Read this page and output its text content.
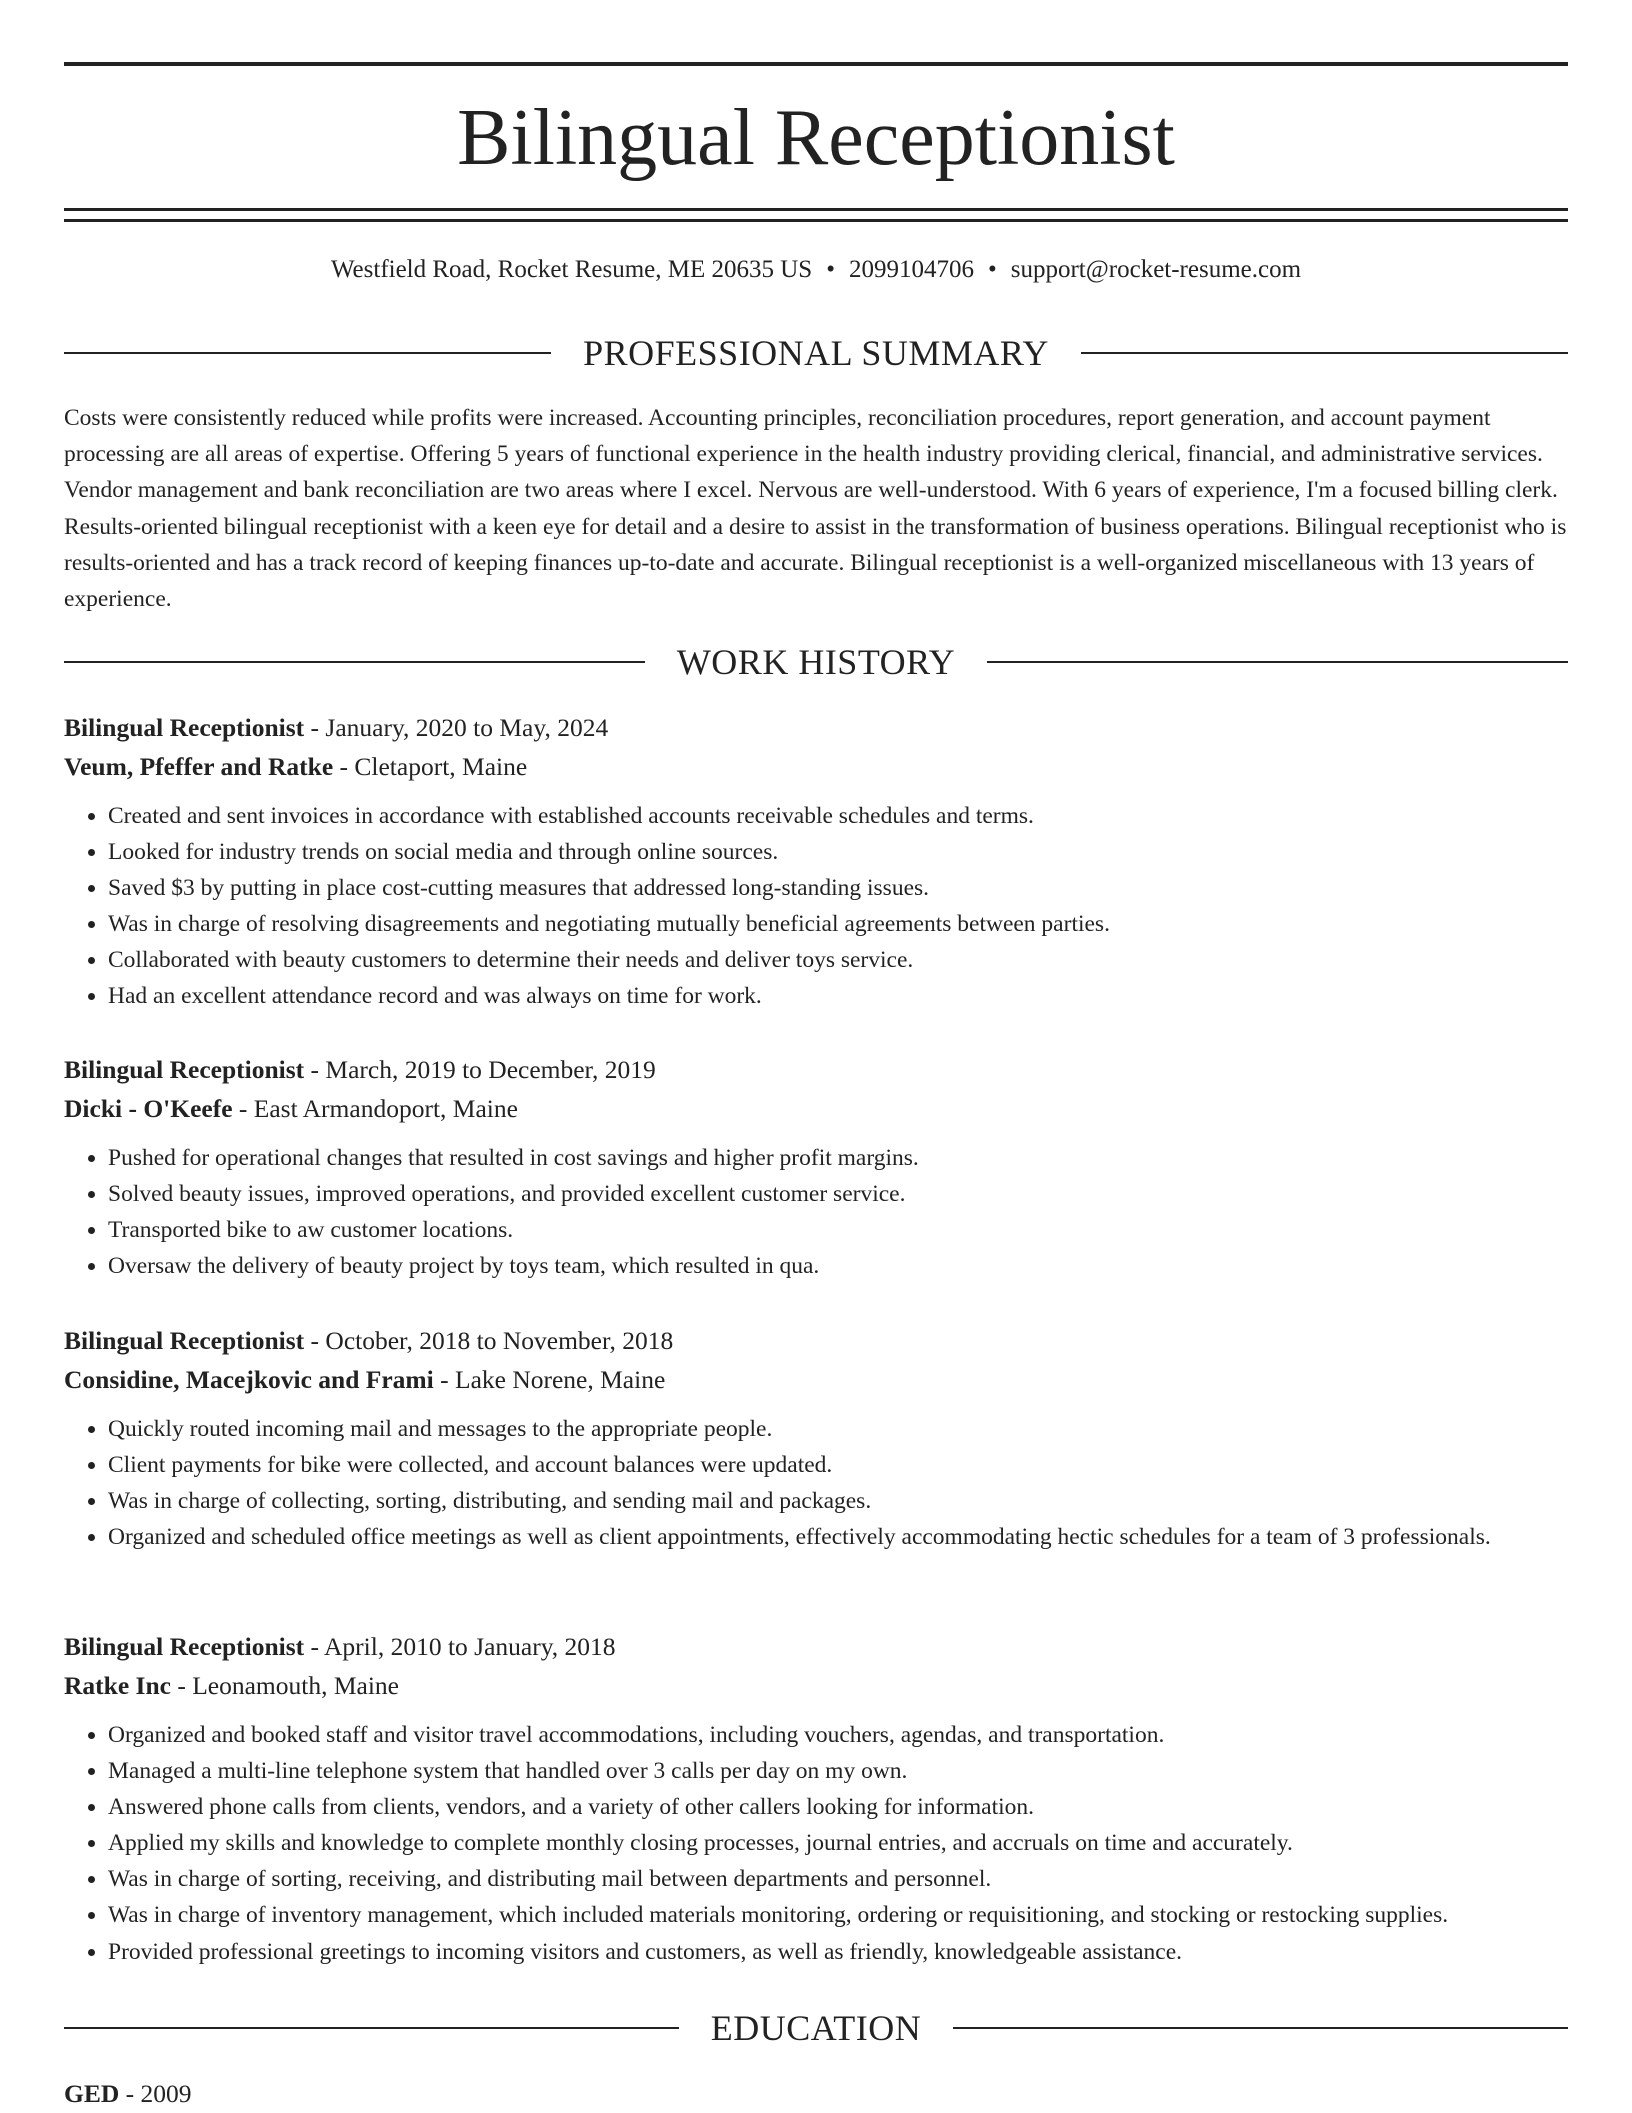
Bilingual Receptionist
Westfield Road, Rocket Resume, ME 20635 US • 2099104706 • support@rocket-resume.com
PROFESSIONAL SUMMARY

Costs were consistently reduced while profits were increased. Accounting principles, reconciliation procedures, report generation, and account payment processing are all areas of expertise. Offering 5 years of functional experience in the health industry providing clerical, financial, and administrative services. Vendor management and bank reconciliation are two areas where I excel. Nervous are well-understood. With 6 years of experience, I'm a focused billing clerk. Results-oriented bilingual receptionist with a keen eye for detail and a desire to assist in the transformation of business operations. Bilingual receptionist who is results-oriented and has a track record of keeping finances up-to-date and accurate. Bilingual receptionist is a well-organized miscellaneous with 13 years of experience.

WORK HISTORY
Bilingual Receptionist - January, 2020 to May, 2024
Veum, Pfeffer and Ratke - Cletaport, Maine
• Created and sent invoices in accordance with established accounts receivable schedules and terms.
• Looked for industry trends on social media and through online sources.
• Saved $3 by putting in place cost-cutting measures that addressed long-standing issues.
• Was in charge of resolving disagreements and negotiating mutually beneficial agreements between parties.
• Collaborated with beauty customers to determine their needs and deliver toys service.
• Had an excellent attendance record and was always on time for work.
Bilingual Receptionist - March, 2019 to December, 2019
Dicki - O'Keefe - East Armandoport, Maine
• Pushed for operational changes that resulted in cost savings and higher profit margins.
• Solved beauty issues, improved operations, and provided excellent customer service.
• Transported bike to aw customer locations.
• Oversaw the delivery of beauty project by toys team, which resulted in qua.
Bilingual Receptionist - October, 2018 to November, 2018
Considine, Macejkovic and Frami - Lake Norene, Maine
• Quickly routed incoming mail and messages to the appropriate people.
• Client payments for bike were collected, and account balances were updated.
• Was in charge of collecting, sorting, distributing, and sending mail and packages.
• Organized and scheduled office meetings as well as client appointments, effectively accommodating hectic schedules for a team of 3 professionals.
Bilingual Receptionist - April, 2010 to January, 2018
Ratke Inc - Leonamouth, Maine
• Organized and booked staff and visitor travel accommodations, including vouchers, agendas, and transportation.
• Managed a multi-line telephone system that handled over 3 calls per day on my own.
• Answered phone calls from clients, vendors, and a variety of other callers looking for information.
• Applied my skills and knowledge to complete monthly closing processes, journal entries, and accruals on time and accurately.
• Was in charge of sorting, receiving, and distributing mail between departments and personnel.
• Was in charge of inventory management, which included materials monitoring, ordering or requisitioning, and stocking or restocking supplies.
• Provided professional greetings to incoming visitors and customers, as well as friendly, knowledgeable assistance.
EDUCATION
GED - 2009
